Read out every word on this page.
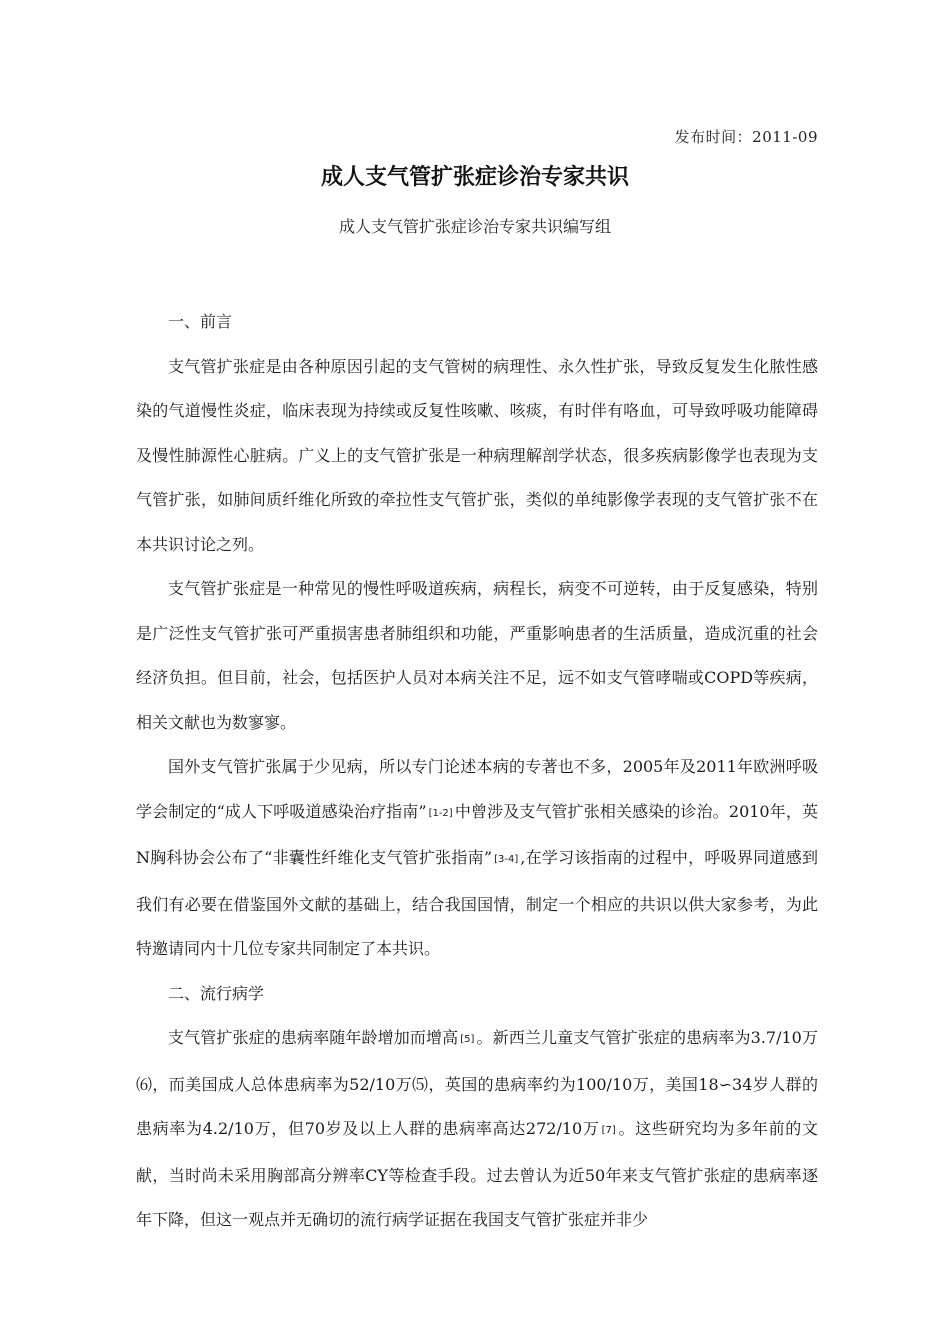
发布时间：2011-09
成人支气管扩张症诊治专家共识
成人支气管扩张症诊治专家共识编写组
一、前言

支气管扩张症是由各种原因引起的支气管树的病理性、永久性扩张，导致反复发生化脓性感染的气道慢性炎症，临床表现为持续或反复性咳嗽、咳痰，有时伴有咯血，可导致呼吸功能障碍及慢性肺源性心脏病。广义上的支气管扩张是一种病理解剖学状态，很多疾病影像学也表现为支气管扩张，如肺间质纤维化所致的牵拉性支气管扩张，类似的单纯影像学表现的支气管扩张不在本共识讨论之列。

支气管扩张症是一种常见的慢性呼吸道疾病，病程长，病变不可逆转，由于反复感染，特别是广泛性支气管扩张可严重损害患者肺组织和功能，严重影响患者的生活质量，造成沉重的社会经济负担。但目前，社会，包括医护人员对本病关注不足，远不如支气管哮喘或COPD等疾病，相关文献也为数寥寥。

国外支气管扩张属于少见病，所以专门论述本病的专著也不多，2005年及2011年欧洲呼吸学会制定的“成人下呼吸道感染治疗指南” [1-2] 中曾涉及支气管扩张相关感染的诊治。2010年，英N胸科协会公布了“非囊性纤维化支气管扩张指南” [3-4] ,在学习该指南的过程中，呼吸界同道感到我们有必要在借鉴国外文献的基础上，结合我国国情，制定一个相应的共识以供大家参考，为此特邀请同内十几位专家共同制定了本共识。

二、流行病学

支气管扩张症的患病率随年龄增加而增高 [5] 。新西兰儿童支气管扩张症的患病率为3.7/10万⑹，而美国成人总体患病率为52/10万⑸，英国的患病率约为100/10万，美国18∽34岁人群的患病率为4.2/10万，但70岁及以上人群的患病率高达272/10万 [7] 。这些研究均为多年前的文献，当时尚未采用胸部高分辨率CY等检查手段。过去曾认为近50年来支气管扩张症的患病率逐年下降，但这一观点并无确切的流行病学证据在我国支气管扩张症并非少
